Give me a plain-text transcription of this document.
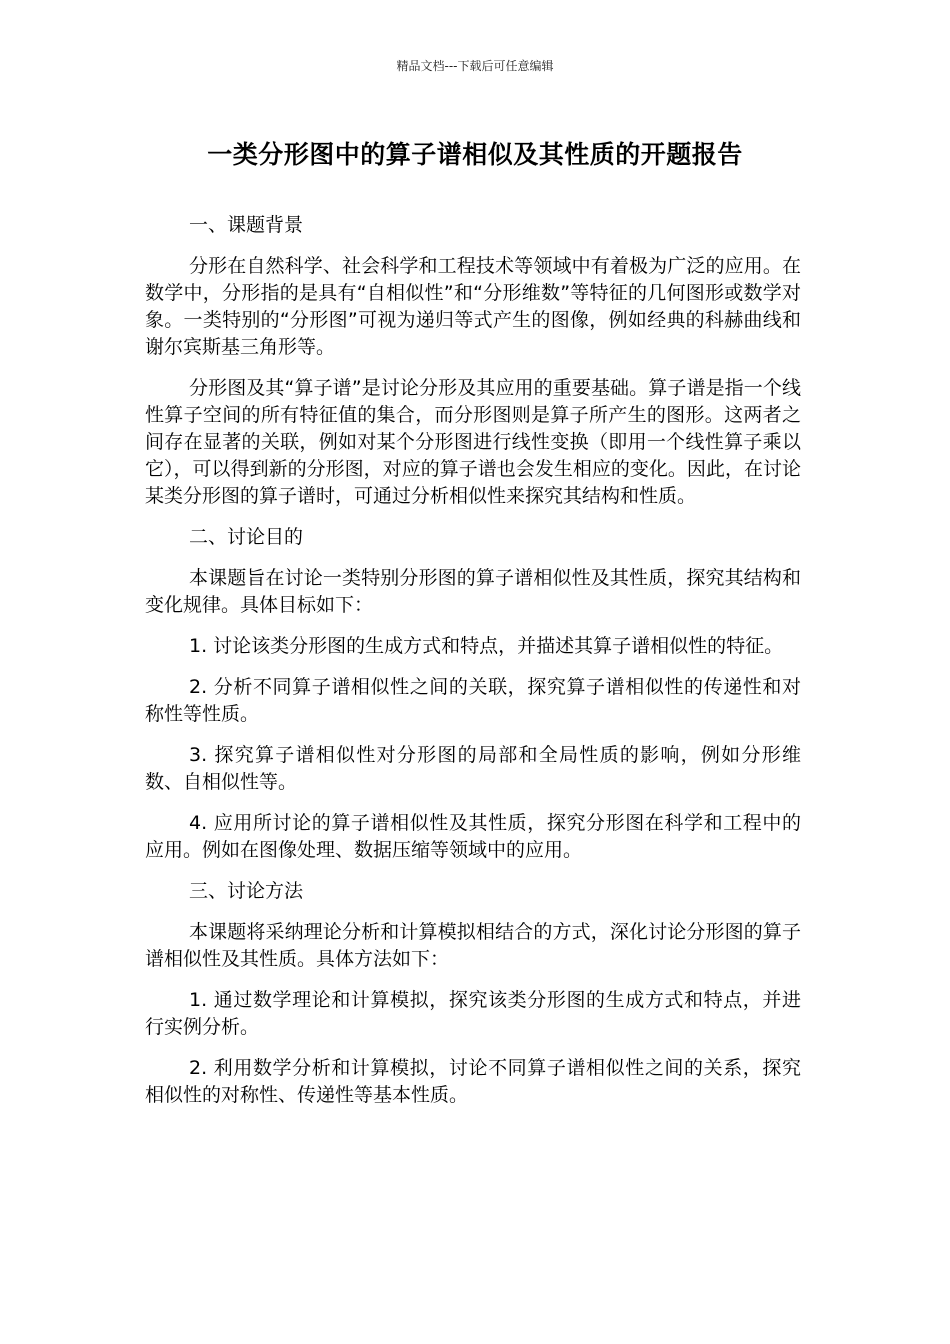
精品文档---下载后可任意编辑
一类分形图中的算子谱相似及其性质的开题报告

一、课题背景

分形在自然科学、社会科学和工程技术等领域中有着极为广泛的应用。在数学中，分形指的是具有“自相似性”和“分形维数”等特征的几何图形或数学对象。一类特别的“分形图”可视为递归等式产生的图像，例如经典的科赫曲线和谢尔宾斯基三角形等。

分形图及其“算子谱”是讨论分形及其应用的重要基础。算子谱是指一个线性算子空间的所有特征值的集合，而分形图则是算子所产生的图形。这两者之间存在显著的关联，例如对某个分形图进行线性变换（即用一个线性算子乘以它），可以得到新的分形图，对应的算子谱也会发生相应的变化。因此，在讨论某类分形图的算子谱时，可通过分析相似性来探究其结构和性质。

二、讨论目的

本课题旨在讨论一类特别分形图的算子谱相似性及其性质，探究其结构和变化规律。具体目标如下：

1. 讨论该类分形图的生成方式和特点，并描述其算子谱相似性的特征。

2. 分析不同算子谱相似性之间的关联，探究算子谱相似性的传递性和对称性等性质。

3. 探究算子谱相似性对分形图的局部和全局性质的影响，例如分形维数、自相似性等。

4. 应用所讨论的算子谱相似性及其性质，探究分形图在科学和工程中的应用。例如在图像处理、数据压缩等领域中的应用。

三、讨论方法

本课题将采纳理论分析和计算模拟相结合的方式，深化讨论分形图的算子谱相似性及其性质。具体方法如下：

1. 通过数学理论和计算模拟，探究该类分形图的生成方式和特点，并进行实例分析。

2. 利用数学分析和计算模拟，讨论不同算子谱相似性之间的关系，探究相似性的对称性、传递性等基本性质。
